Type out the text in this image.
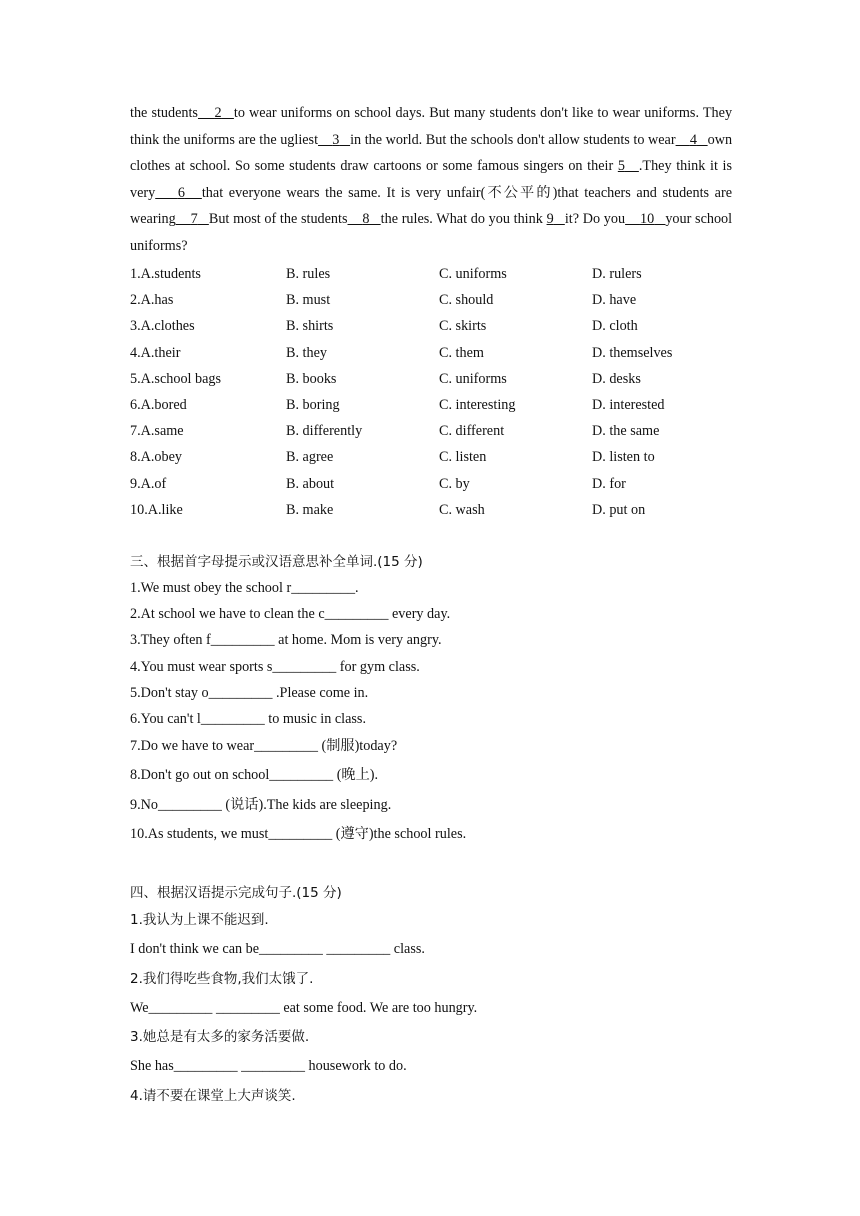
the students 2 to wear uniforms on school days. But many students don't like to wear uniforms. They think the uniforms are the ugliest 3 in the world. But the schools don't allow students to wear 4 own clothes at school. So some students draw cartoons or some famous singers on their 5 .They think it is very 6 that everyone wears the same. It is very unfair(不公平的)that teachers and students are wearing 7 But most of the students 8 the rules. What do you think 9 it? Do you 10 your school uniforms?
1.A.students	B. rules	C. uniforms	D. rulers
2.A.has	B. must	C. should	D. have
3.A.clothes	B. shirts	C. skirts	D. cloth
4.A.their	B. they	C. them	D. themselves
5.A.school bags	B. books	C. uniforms	D. desks
6.A.bored	B. boring	C. interesting	D. interested
7.A.same	B. differently	C. different	D. the same
8.A.obey	B. agree	C. listen	D. listen to
9.A.of	B. about	C. by	D. for
10.A.like	B. make	C. wash	D. put on
三、根据首字母提示或汉语意思补全单词.(15 分)
1.We must obey the school r_________.
2.At school we have to clean the c_________ every day.
3.They often f_________ at home. Mom is very angry.
4.You must wear sports s_________ for gym class.
5.Don't stay o_________ .Please come in.
6.You can't l_________ to music in class.
7.Do we have to wear_________ (制服)today?
8.Don't go out on school_________ (晚上).
9.No_________ (说话).The kids are sleeping.
10.As students, we must_________ (遵守)the school rules.
四、根据汉语提示完成句子.(15 分)
1.我认为上课不能迟到.
I don't think we can be_________ _________ class.
2.我们得吃些食物,我们太饿了.
We_________ _________ eat some food. We are too hungry.
3.她总是有太多的家务活要做.
She has_________ _________ housework to do.
4.请不要在课堂上大声谈笑.
